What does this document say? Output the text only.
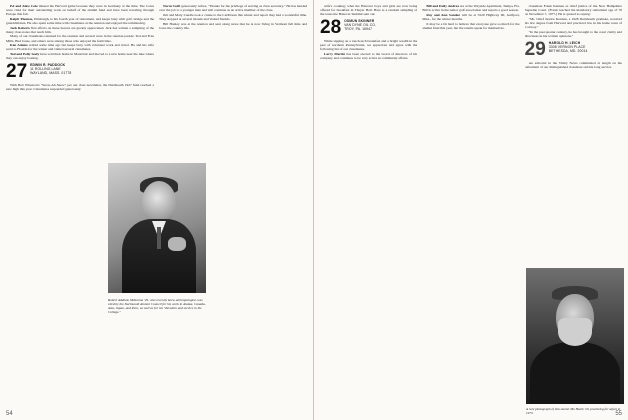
Ed and Alice Cole missed the Harvard game because they were in Germany at the time. The Coles were cited for their outstanding work on behalf of the alumni fund and have been traveling through Europe this fall.

Ralph Thomas, Pittsburgh, is his fourth year of retirement, and keeps busy with golf, bridge and the grandchildren. He also spent some time with classmates at the reunion and enjoyed the reminiscing.

Jack Roberts first efforts on these honors are greatly appreciated. Jack has written a sampling of the many class notes that reach him.

Many of our classmates returned for the reunion and several were in the reunion parade. Ted and Fran Mills, Bud Jones, and others were among those who enjoyed the festivities.

Ken Adams retired some time ago but keeps busy with volunteer work and travel. He and his wife went to Florida for the winter and visited several classmates.

Ted and Polly Seely have sold their home in Montclair and moved to a new home near the lake where they can enjoy boating.

27 EDWIN R. PADDOCK
11 ROLLING LANE
WAYLAND, MASS. 01778

With Bob Wheaton's "Snow-Ab-Snow" per our class newsletter, the Dartmouth 1927 fund reached a new high this year. Classmates responded generously.

Norm Swift generously writes, "Thanks for the privilege of serving as class secretary." He has handed over the job to a younger man and will continue as an active member of the class.

Jim and Mary Caudle took a cruise to the Caribbean this winter and report they had a wonderful time. They stopped at several islands and visited friends.

Bill Hanley was at the reunion and sent along news that he is now living in Vermont full time and loves the country life.

Robert Addison McKenna '29, who recently knew anthropologist, was cited by the Dartmouth Alumni Council for his work in Alaska, Canada, Asia, Japan, and Peru, as well as for his "devotion and service to the College."
54

wife's cooking; what the Hanover boys and girls are now being offered for breakfast in Thayer Hall. Here is a random sampling of the notes the Hanover Summit sent out.

28 OSMUN SKINNER
VAN DYNE OIL CO.
TROY, PA. 16947

While sipping on a touch-tech breakfast and a bright wealth in the past of northern Pennsylvania, we appreciate and agree with the following list of our classmates.

Larry Martin has been elected to the board of directors of his company and continues to be very active in community affairs.

Bill and Dolly Andrea are at the Wayside Apartment, Tampa, Fla. Bill is active in the senior golf association and reports a good season.

Ray and Ann Sandoz will be at 5520 Highway 90, Gulfport, Miss., for the winter months.

It may be a bit hard to believe that everyone gave so much for the alumni fund this year, but the results speak for themselves.

classmate Frank Kennan as chief justice of the New Hampshire Supreme Court. (Frank reached the mandatory retirement age of 70 on November 7, 1977.) He is quoted as saying:

"Mr. Chief Justice Kennan, a 1928 Dartmouth graduate, received his law degree from Harvard and practiced law in his home town of Conway."

"In the past quarter century, he has brought to the court clarity and directness in his written opinions."

29 HAROLD H. LEICH
3308 VERNON PLACE
BETHESDA, MD. 20014

An editorial in the Valley News commented at length on the retirement of our distinguished classmate and his long service.

A rare photograph of lion-hunter Mo Heath '29, practicing for safari in 1973.	55
